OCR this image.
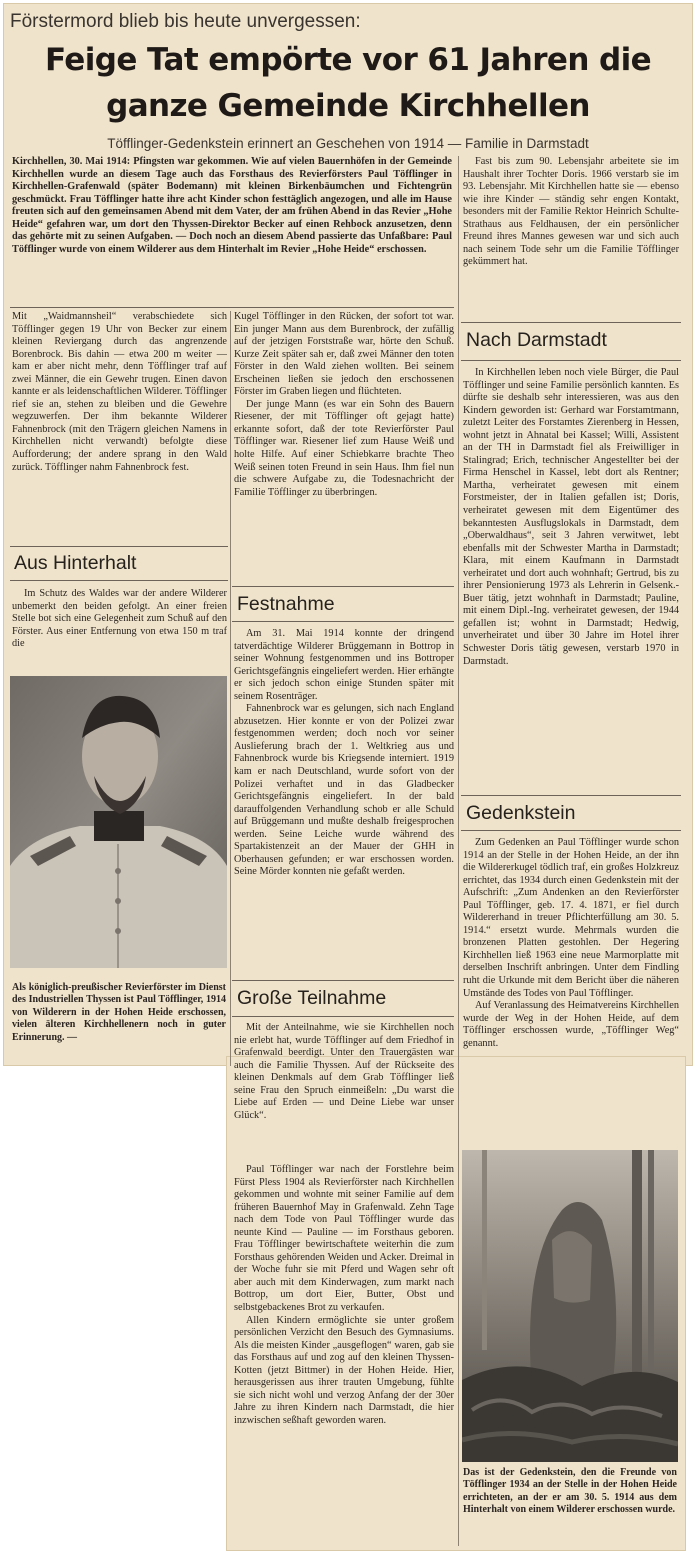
Förstermord blieb bis heute unvergessen:
Feige Tat empörte vor 61 Jahren die ganze Gemeinde Kirchhellen
Töfflinger-Gedenkstein erinnert an Geschehen von 1914 — Familie in Darmstadt

Kirchhellen, 30. Mai 1914: Pfingsten war gekommen. Wie auf vielen Bauernhöfen in der Gemeinde Kirchhellen wurde an diesem Tage auch das Forsthaus des Revierförsters Paul Töfflinger in Kirchhellen-Grafenwald (später Bodemann) mit kleinen Birkenbäumchen und Fichtengrün geschmückt. Frau Töfflinger hatte ihre acht Kinder schon festtäglich angezogen, und alle im Hause freuten sich auf den gemeinsamen Abend mit dem Vater, der am frühen Abend in das Revier „Hohe Heide“ gefahren war, um dort den Thyssen-Direktor Becker auf einen Rehbock anzusetzen, denn das gehörte mit zu seinen Aufgaben. — Doch noch an diesem Abend passierte das Unfaßbare: Paul Töfflinger wurde von einem Wilderer aus dem Hinterhalt im Revier „Hohe Heide“ erschossen.

Mit „Waidmannsheil“ verabschiedete sich Töfflinger gegen 19 Uhr von Becker zur einem kleinen Reviergang durch das angrenzende Borenbrock. Bis dahin — etwa 200 m weiter — kam er aber nicht mehr, denn Töfflinger traf auf zwei Männer, die ein Gewehr trugen. Einen davon kannte er als leidenschaftlichen Wilderer. Töfflinger rief sie an, stehen zu bleiben und die Gewehre wegzuwerfen. Der ihm bekannte Wilderer Fahnenbrock (mit den Trägern gleichen Namens in Kirchhellen nicht verwandt) befolgte diese Aufforderung; der andere sprang in den Wald zurück. Töfflinger nahm Fahnenbrock fest.

Aus Hinterhalt

Im Schutz des Waldes war der andere Wilderer unbemerkt den beiden gefolgt. An einer freien Stelle bot sich eine Gelegenheit zum Schuß auf den Förster. Aus einer Entfernung von etwa 150 m traf die

Als königlich-preußischer Revierförster im Dienst des Industriellen Thyssen ist Paul Töfflinger, 1914 von Wilderern in der Hohen Heide erschossen, vielen älteren Kirchhellenern noch in guter Erinnerung. —

Kugel Töfflinger in den Rücken, der sofort tot war. Ein junger Mann aus dem Burenbrock, der zufällig auf der jetzigen Forststraße war, hörte den Schuß. Kurze Zeit später sah er, daß zwei Männer den toten Förster in den Wald ziehen wollten. Bei seinem Erscheinen ließen sie jedoch den erschossenen Förster im Graben liegen und flüchteten.

Der junge Mann (es war ein Sohn des Bauern Riesener, der mit Töfflinger oft gejagt hatte) erkannte sofort, daß der tote Revierförster Paul Töfflinger war. Riesener lief zum Hause Weiß und holte Hilfe. Auf einer Schiebkarre brachte Theo Weiß seinen toten Freund in sein Haus. Ihm fiel nun die schwere Aufgabe zu, die Todesnachricht der Familie Töfflinger zu überbringen.

Festnahme

Am 31. Mai 1914 konnte der dringend tatverdächtige Wilderer Brüggemann in Bottrop in seiner Wohnung festgenommen und ins Bottroper Gerichtsgefängnis eingeliefert werden. Hier erhängte er sich jedoch schon einige Stunden später mit seinem Rosenträger.

Fahnenbrock war es gelungen, sich nach England abzusetzen. Hier konnte er von der Polizei zwar festgenommen werden; doch noch vor seiner Auslieferung brach der 1. Weltkrieg aus und Fahnenbrock wurde bis Kriegsende interniert. 1919 kam er nach Deutschland, wurde sofort von der Polizei verhaftet und in das Gladbecker Gerichtsgefängnis eingeliefert. In der bald darauffolgenden Verhandlung schob er alle Schuld auf Brüggemann und mußte deshalb freigesprochen werden. Seine Leiche wurde während des Spartakistenzeit an der Mauer der GHH in Oberhausen gefunden; er war erschossen worden. Seine Mörder konnten nie gefaßt werden.

Große Teilnahme

Mit der Anteilnahme, wie sie Kirchhellen noch nie erlebt hat, wurde Töfflinger auf dem Friedhof in Grafenwald beerdigt. Unter den Trauergästen war auch die Familie Thyssen. Auf der Rückseite des kleinen Denkmals auf dem Grab Töfflinger ließ seine Frau den Spruch einmeißeln: „Du warst die Liebe auf Erden — und Deine Liebe war unser Glück“.

Paul Töfflinger war nach der Forstlehre beim Fürst Pless 1904 als Revierförster nach Kirchhellen gekommen und wohnte mit seiner Familie auf dem früheren Bauernhof May in Grafenwald. Zehn Tage nach dem Tode von Paul Töfflinger wurde das neunte Kind — Pauline — im Forsthaus geboren. Frau Töfflinger bewirtschaftete weiterhin die zum Forsthaus gehörenden Weiden und Acker. Dreimal in der Woche fuhr sie mit Pferd und Wagen sehr oft aber auch mit dem Kinderwagen, zum markt nach Bottrop, um dort Eier, Butter, Obst und selbstgebackenes Brot zu verkaufen.

Allen Kindern ermöglichte sie unter großem persönlichen Verzicht den Besuch des Gymnasiums. Als die meisten Kinder „ausgeflogen“ waren, gab sie das Forsthaus auf und zog auf den kleinen Thyssen-Kotten (jetzt Bittmer) in der Hohen Heide. Hier, herausgerissen aus ihrer trauten Umgebung, fühlte sie sich nicht wohl und verzog Anfang der der 30er Jahre zu ihren Kindern nach Darmstadt, die hier inzwischen seßhaft geworden waren.

Fast bis zum 90. Lebensjahr arbeitete sie im Haushalt ihrer Tochter Doris. 1966 verstarb sie im 93. Lebensjahr. Mit Kirchhellen hatte sie — ebenso wie ihre Kinder — ständig sehr engen Kontakt, besonders mit der Familie Rektor Heinrich Schulte-Strathaus aus Feldhausen, der ein persönlicher Freund ihres Mannes gewesen war und sich auch nach seinem Tode sehr um die Familie Töfflinger gekümmert hat.

Nach Darmstadt

In Kirchhellen leben noch viele Bürger, die Paul Töfflinger und seine Familie persönlich kannten. Es dürfte sie deshalb sehr interessieren, was aus den Kindern geworden ist: Gerhard war Forstamtmann, zuletzt Leiter des Forstamtes Zierenberg in Hessen, wohnt jetzt in Ahnatal bei Kassel; Willi, Assistent an der TH in Darmstadt fiel als Freiwilliger in Stalingrad; Erich, technischer Angestellter bei der Firma Henschel in Kassel, lebt dort als Rentner; Martha, verheiratet gewesen mit einem Forstmeister, der in Italien gefallen ist; Doris, verheiratet gewesen mit dem Eigentümer des bekanntesten Ausflugslokals in Darmstadt, dem „Oberwaldhaus“, seit 3 Jahren verwitwet, lebt ebenfalls mit der Schwester Martha in Darmstadt; Klara, mit einem Kaufmann in Darmstadt verheiratet und dort auch wohnhaft; Gertrud, bis zu ihrer Pensionierung 1973 als Lehrerin in Gelsenk.-Buer tätig, jetzt wohnhaft in Darmstadt; Pauline, mit einem Dipl.-Ing. verheiratet gewesen, der 1944 gefallen ist; wohnt in Darmstadt; Hedwig, unverheiratet und über 30 Jahre im Hotel ihrer Schwester Doris tätig gewesen, verstarb 1970 in Darmstadt.

Gedenkstein

Zum Gedenken an Paul Töfflinger wurde schon 1914 an der Stelle in der Hohen Heide, an der ihn die Wildererkugel tödlich traf, ein großes Holzkreuz errichtet, das 1934 durch einen Gedenkstein mit der Aufschrift: „Zum Andenken an den Revierförster Paul Töfflinger, geb. 17. 4. 1871, er fiel durch Wildererhand in treuer Pflichterfüllung am 30. 5. 1914.“ ersetzt wurde. Mehrmals wurden die bronzenen Platten gestohlen. Der Hegering Kirchhellen ließ 1963 eine neue Marmorplatte mit derselben Inschrift anbringen. Unter dem Findling ruht die Urkunde mit dem Bericht über die näheren Umstände des Todes von Paul Töfflinger.

Auf Veranlassung des Heimatvereins Kirchhellen wurde der Weg in der Hohen Heide, auf dem Töfflinger erschossen wurde, „Töfflinger Weg“ genannt.

Das ist der Gedenkstein, den die Freunde von Töfflinger 1934 an der Stelle in der Hohen Heide errichteten, an der er am 30. 5. 1914 aus dem Hinterhalt von einem Wilderer erschossen wurde.
